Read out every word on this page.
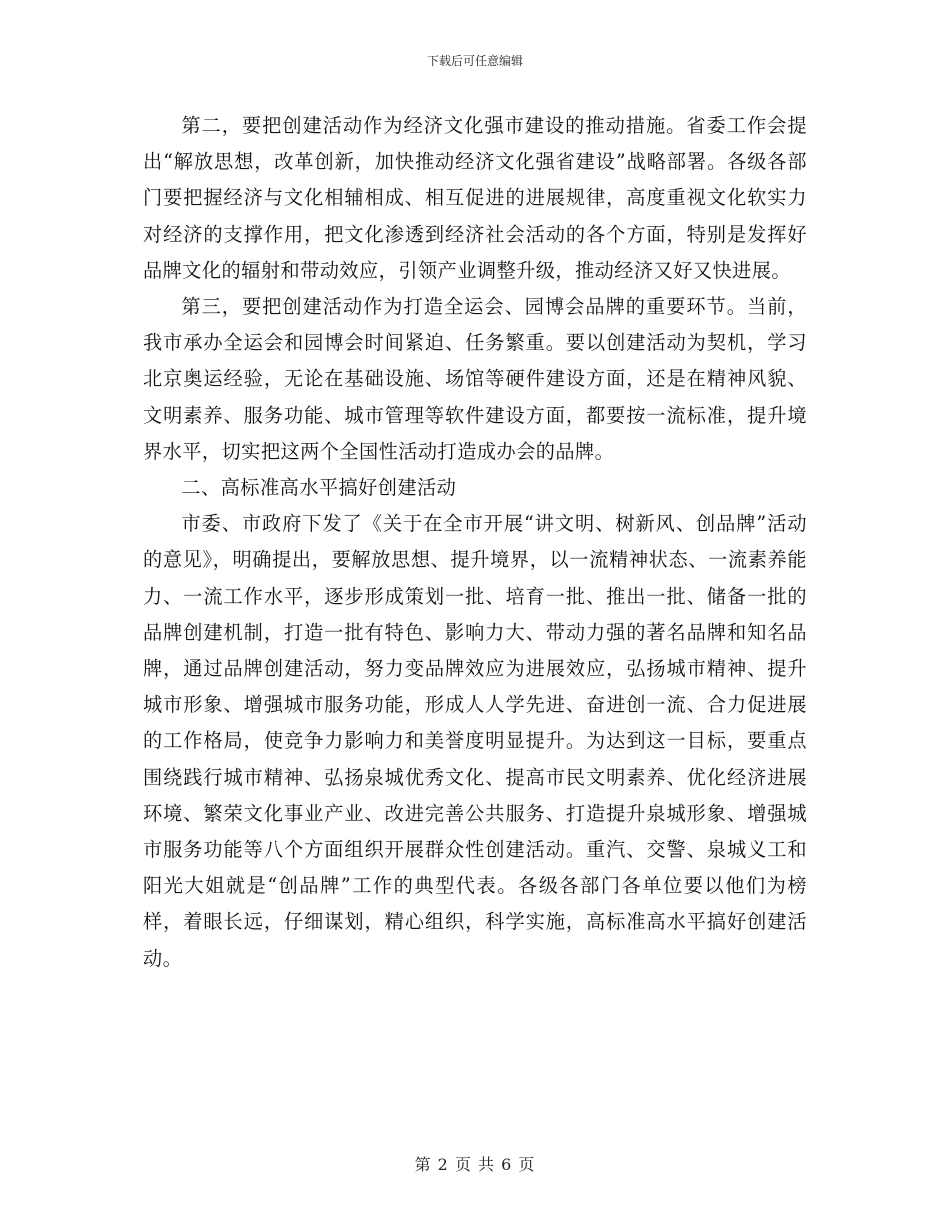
下载后可任意编辑

第二，要把创建活动作为经济文化强市建设的推动措施。省委工作会提出“解放思想，改革创新，加快推动经济文化强省建设”战略部署。各级各部门要把握经济与文化相辅相成、相互促进的进展规律，高度重视文化软实力对经济的支撑作用，把文化渗透到经济社会活动的各个方面，特别是发挥好品牌文化的辐射和带动效应，引领产业调整升级，推动经济又好又快进展。

第三，要把创建活动作为打造全运会、园博会品牌的重要环节。当前，我市承办全运会和园博会时间紧迫、任务繁重。要以创建活动为契机，学习北京奥运经验，无论在基础设施、场馆等硬件建设方面，还是在精神风貌、文明素养、服务功能、城市管理等软件建设方面，都要按一流标准，提升境界水平，切实把这两个全国性活动打造成办会的品牌。

二、高标准高水平搞好创建活动

市委、市政府下发了《关于在全市开展“讲文明、树新风、创品牌”活动的意见》，明确提出，要解放思想、提升境界，以一流精神状态、一流素养能力、一流工作水平，逐步形成策划一批、培育一批、推出一批、储备一批的品牌创建机制，打造一批有特色、影响力大、带动力强的著名品牌和知名品牌，通过品牌创建活动，努力变品牌效应为进展效应，弘扬城市精神、提升城市形象、增强城市服务功能，形成人人学先进、奋进创一流、合力促进展的工作格局，使竞争力影响力和美誉度明显提升。为达到这一目标，要重点围绕践行城市精神、弘扬泉城优秀文化、提高市民文明素养、优化经济进展环境、繁荣文化事业产业、改进完善公共服务、打造提升泉城形象、增强城市服务功能等八个方面组织开展群众性创建活动。重汽、交警、泉城义工和阳光大姐就是“创品牌”工作的典型代表。各级各部门各单位要以他们为榜样，着眼长远，仔细谋划，精心组织，科学实施，高标准高水平搞好创建活动。

第 2 页 共 6 页
